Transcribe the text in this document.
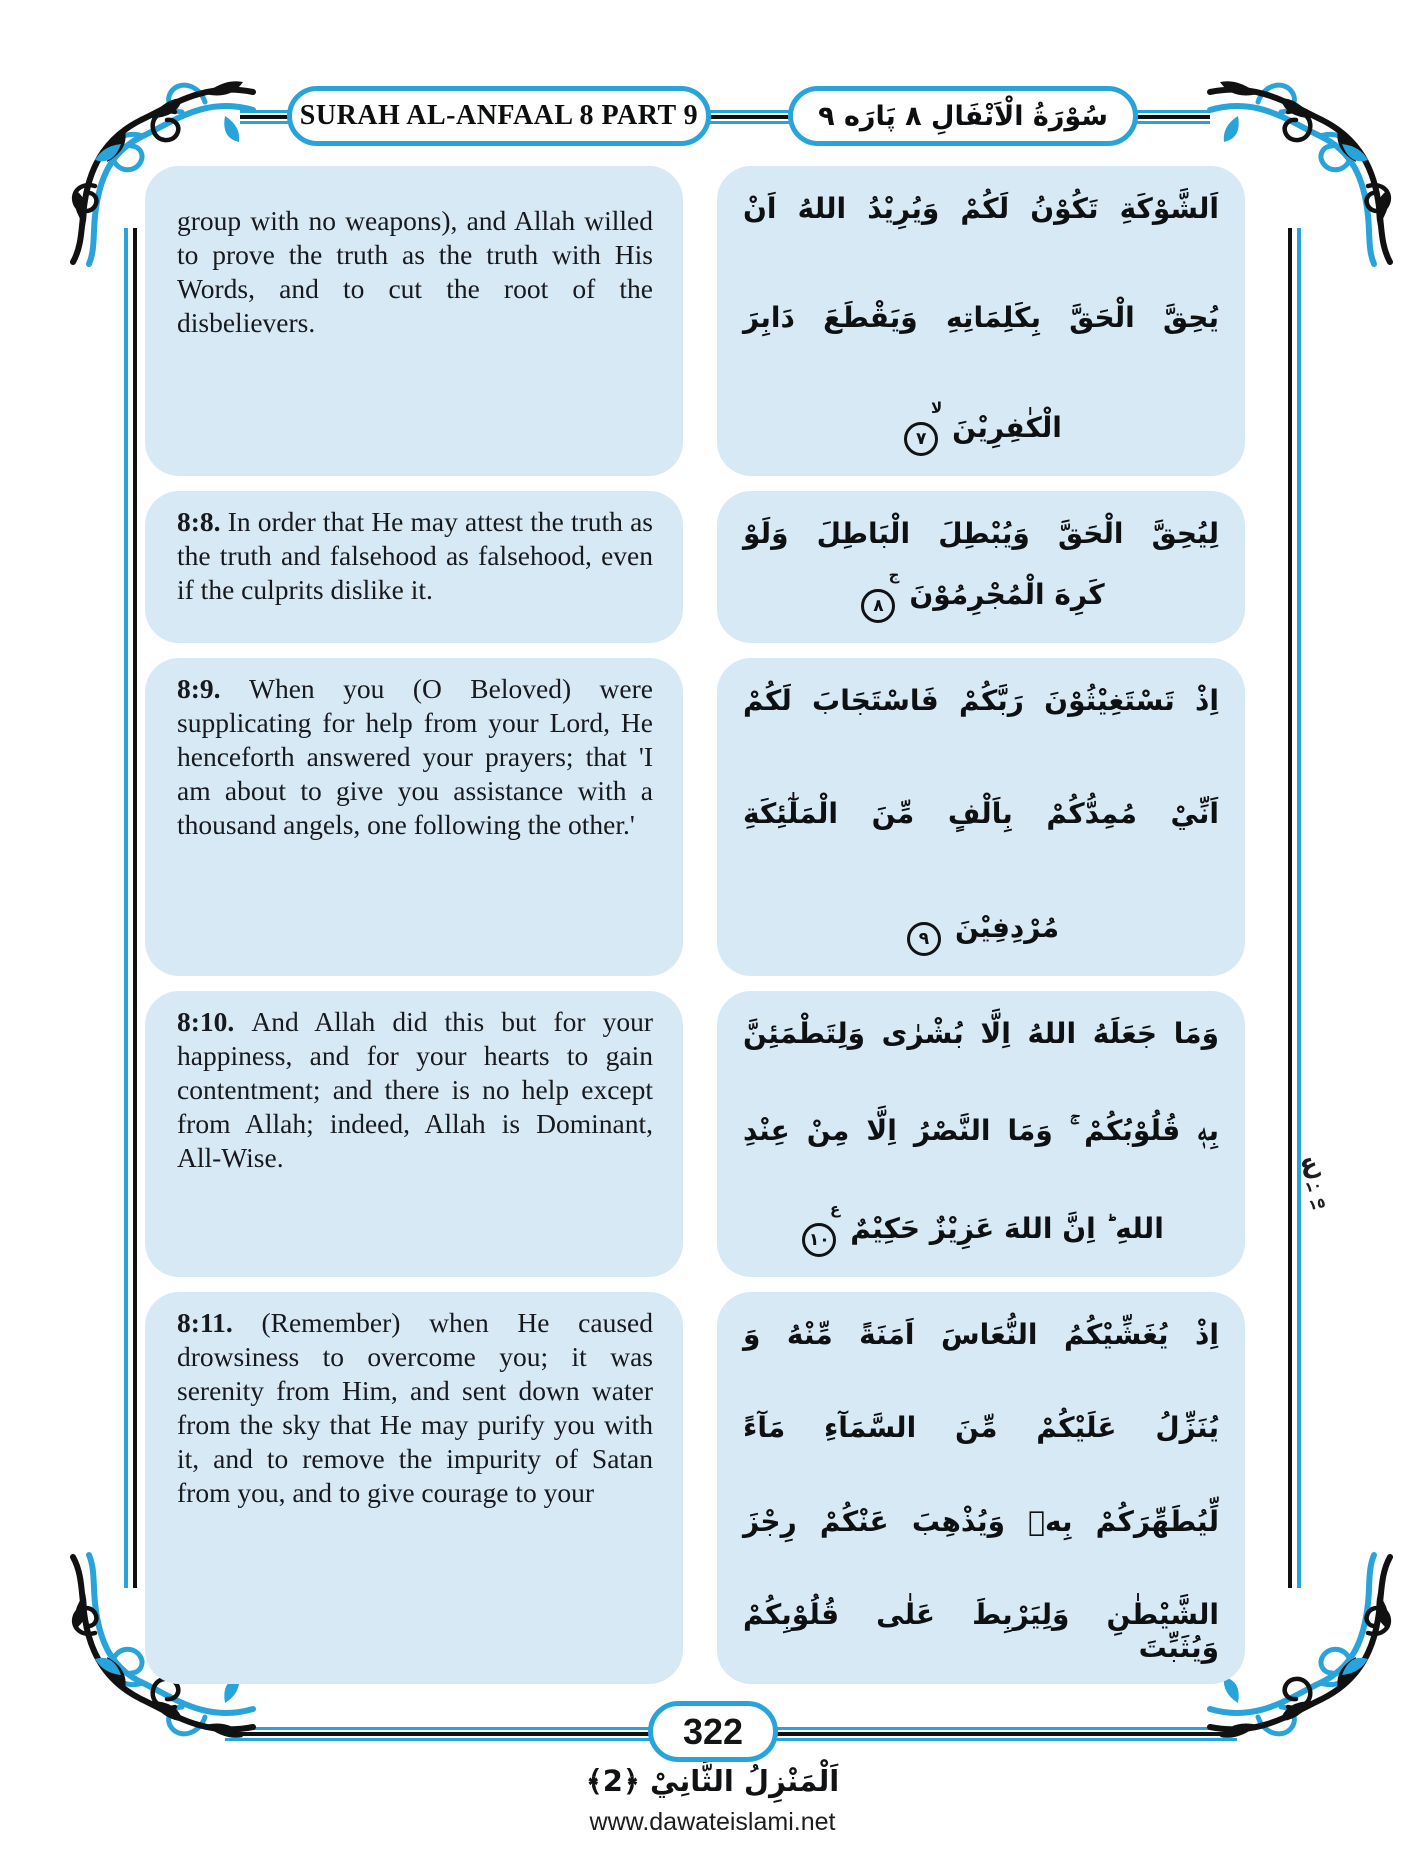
SURAH AL-ANFAAL 8 PART 9	سُوْرَةُ الْاَنْفَالِ ۸ پَارَه ۹

group with no weapons), and Allah willed to prove the truth as the truth with His Words, and to cut the root of the disbelievers.

اَلشَّوْكَةِ تَكُوْنُ لَكُمْ وَيُرِيْدُ اللهُ اَنْ
يُحِقَّ الْحَقَّ بِكَلِمَاتِهِ وَيَقْطَعَ دَابِرَ
الْكٰفِرِيْنَ
لا
٧

8:8. In order that He may attest the truth as the truth and falsehood as falsehood, even if the culprits dislike it.

لِيُحِقَّ الْحَقَّ وَيُبْطِلَ الْبَاطِلَ وَلَوْ
كَرِهَ الْمُجْرِمُوْنَ
ج
٨

8:9. When you (O Beloved) were supplicating for help from your Lord, He henceforth answered your prayers; that 'I am about to give you assistance with a thousand angels, one following the other.'

اِذْ تَسْتَغِيْثُوْنَ رَبَّكُمْ فَاسْتَجَابَ لَكُمْ
اَنِّيْ مُمِدُّكُمْ بِاَلْفٍ مِّنَ الْمَلٰٓئِكَةِ
مُرْدِفِيْنَ٩

8:10. And Allah did this but for your happiness, and for your hearts to gain contentment; and there is no help except from Allah; indeed, Allah is Dominant, All-Wise.

وَمَا جَعَلَهُ اللهُ اِلَّا بُشْرٰى وَلِتَطْمَئِنَّ
بِهٖ قُلُوْبُكُمْ ۚ وَمَا النَّصْرُ اِلَّا مِنْ عِنْدِ
اللهِ ؕ اِنَّ اللهَ عَزِيْزٌ حَكِيْمٌ
ع
١٠

8:11. (Remember) when He caused drowsiness to overcome you; it was serenity from Him, and sent down water from the sky that He may purify you with it, and to remove the impurity of Satan from you, and to give courage to your

اِذْ يُغَشِّيْكُمُ النُّعَاسَ اَمَنَةً مِّنْهُ وَ
يُنَزِّلُ عَلَيْكُمْ مِّنَ السَّمَآءِ مَآءً
لِّيُطَهِّرَكُمْ بِهٖ وَيُذْهِبَ عَنْكُمْ رِجْزَ
الشَّيْطٰنِ وَلِيَرْبِطَ عَلٰى قُلُوْبِكُمْ وَيُثَبِّتَ
ع
١٠
١٥
322
اَلْمَنْزِلُ الثَّانِيْ ﴿2﴾
www.dawateislami.net
